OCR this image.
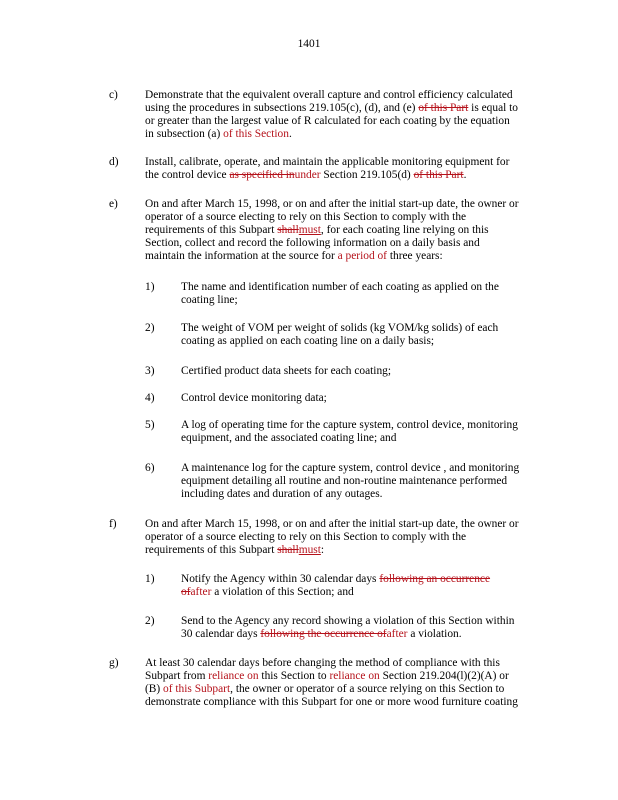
1401
c) Demonstrate that the equivalent overall capture and control efficiency calculated
using the procedures in subsections 219.105(c), (d), and (e) of this Part is equal to
or greater than the largest value of R calculated for each coating by the equation
in subsection (a) of this Section.
d) Install, calibrate, operate, and maintain the applicable monitoring equipment for
the control device as specified inunder Section 219.105(d) of this Part.
e) On and after March 15, 1998, or on and after the initial start-up date, the owner or
operator of a source electing to rely on this Section to comply with the
requirements of this Subpart shallmust, for each coating line relying on this
Section, collect and record the following information on a daily basis and
maintain the information at the source for a period of three years:
1) The name and identification number of each coating as applied on the
coating line;
2) The weight of VOM per weight of solids (kg VOM/kg solids) of each
coating as applied on each coating line on a daily basis;
3) Certified product data sheets for each coating;
4) Control device monitoring data;
5) A log of operating time for the capture system, control device, monitoring
equipment, and the associated coating line; and
6) A maintenance log for the capture system, control device , and monitoring
equipment detailing all routine and non-routine maintenance performed
including dates and duration of any outages.
f) On and after March 15, 1998, or on and after the initial start-up date, the owner or
operator of a source electing to rely on this Section to comply with the
requirements of this Subpart shallmust:
1) Notify the Agency within 30 calendar days following an occurrence
ofafter a violation of this Section; and
2) Send to the Agency any record showing a violation of this Section within
30 calendar days following the occurrence ofafter a violation.
g) At least 30 calendar days before changing the method of compliance with this
Subpart from reliance on this Section to reliance on Section 219.204(l)(2)(A) or
(B) of this Subpart, the owner or operator of a source relying on this Section to
demonstrate compliance with this Subpart for one or more wood furniture coating
